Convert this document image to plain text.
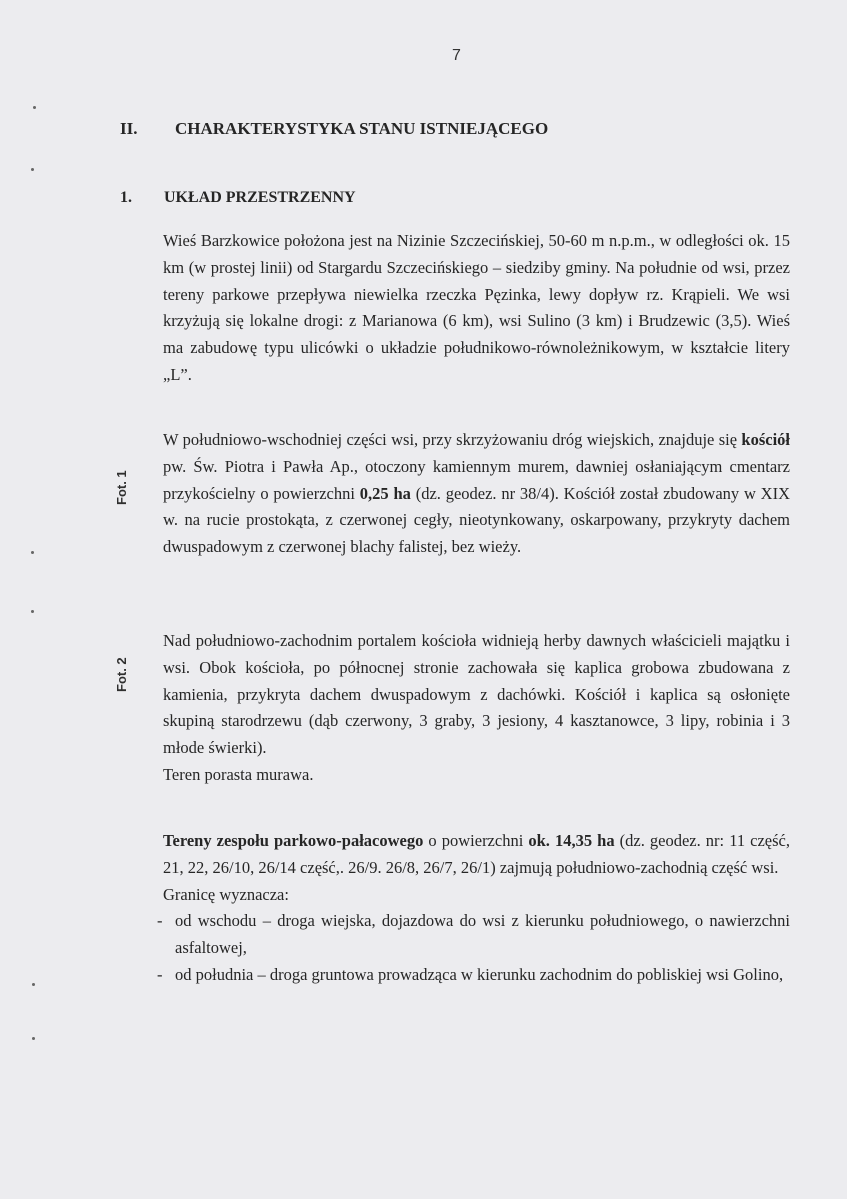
7
II. CHARAKTERYSTYKA STANU ISTNIEJĄCEGO
1. UKŁAD PRZESTRZENNY

Wieś Barzkowice położona jest na Nizinie Szczecińskiej, 50-60 m n.p.m., w odległości ok. 15 km (w prostej linii) od Stargardu Szczecińskiego – siedziby gminy. Na południe od wsi, przez tereny parkowe przepływa niewielka rzeczka Pęzinka, lewy dopływ rz. Krąpieli. We wsi krzyżują się lokalne drogi: z Marianowa (6 km), wsi Sulino (3 km) i Brudzewic (3,5). Wieś ma zabudowę typu ulicówki o układzie południkowo-równoleżnikowym, w kształcie litery „L”.

W południowo-wschodniej części wsi, przy skrzyżowaniu dróg wiejskich, znajduje się kościół pw. Św. Piotra i Pawła Ap., otoczony kamiennym murem, dawniej osłaniającym cmentarz przykościelny o powierzchni 0,25 ha (dz. geodez. nr 38/4). Kościół został zbudowany w XIX w. na rucie prostokąta, z czerwonej cegły, nieotynkowany, oskarpowany, przykryty dachem dwuspadowym z czerwonej blachy falistej, bez wieży.

Nad południowo-zachodnim portalem kościoła widnieją herby dawnych właścicieli majątku i wsi. Obok kościoła, po północnej stronie zachowała się kaplica grobowa zbudowana z kamienia, przykryta dachem dwuspadowym z dachówki. Kościół i kaplica są osłonięte skupiną starodrzewu (dąb czerwony, 3 graby, 3 jesiony, 4 kasztanowce, 3 lipy, robinia i 3 młode świerki).

Teren porasta murawa.

Tereny zespołu parkowo-pałacowego o powierzchni ok. 14,35 ha (dz. geodez. nr: 11 część, 21, 22, 26/10, 26/14 część,. 26/9. 26/8, 26/7, 26/1) zajmują południowo-zachodnią część wsi.

Granicę wyznacza:

- od wschodu – droga wiejska, dojazdowa do wsi z kierunku południowego, o nawierzchni asfaltowej,

- od południa – droga gruntowa prowadząca w kierunku zachodnim do pobliskiej wsi Golino,

Fot. 1
Fot. 2
